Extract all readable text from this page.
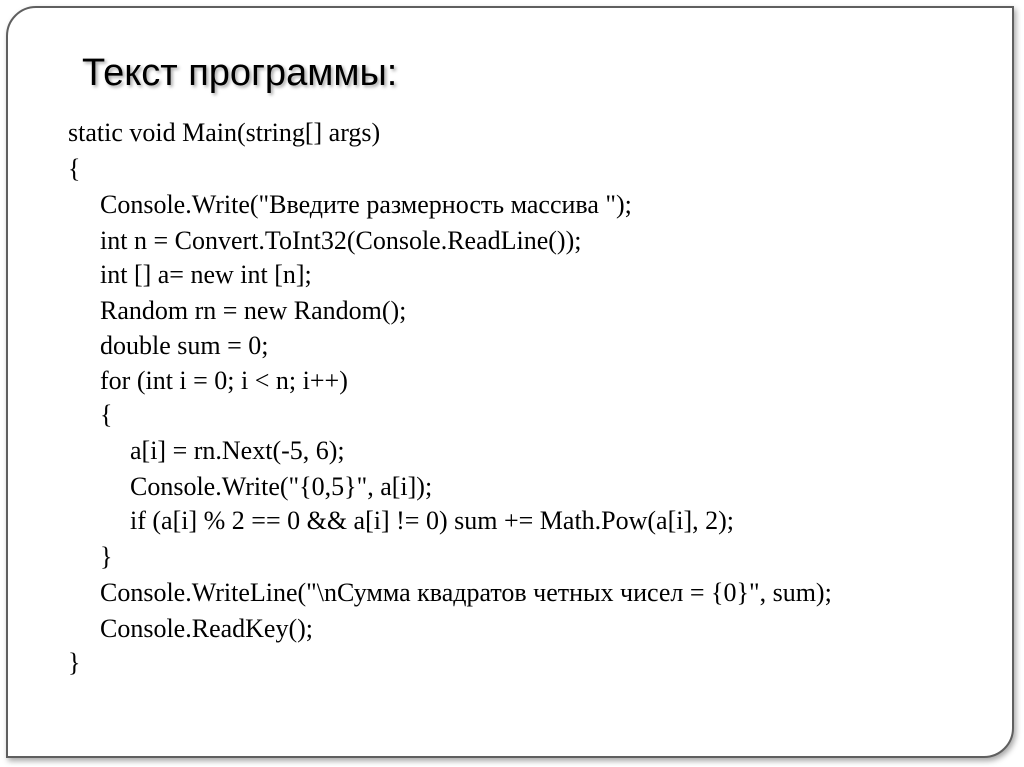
Текст программы:
static void Main(string[] args)
{
Console.Write("Введите размерность массива ");
int n = Convert.ToInt32(Console.ReadLine());
int [] a= new int [n];
Random rn = new Random();
double sum = 0;
for (int i = 0; i < n; i++)
{
a[i] = rn.Next(-5, 6);
Console.Write("{0,5}", a[i]);
if (a[i] % 2 == 0 && a[i] != 0) sum += Math.Pow(a[i], 2);
}
Console.WriteLine("\nСумма квадратов четных чисел = {0}", sum);
Console.ReadKey();
}
